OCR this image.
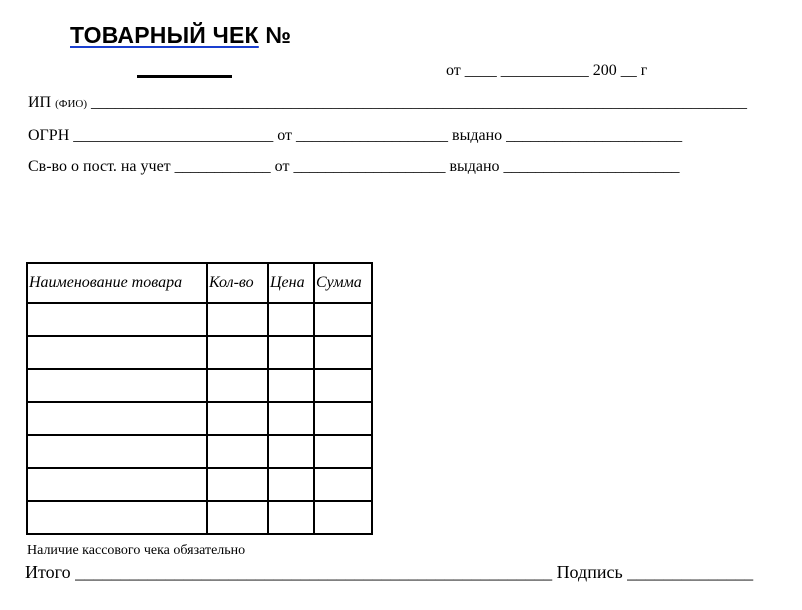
ТОВАРНЫЙ ЧЕК №
от ____ ___________ 200 __ г
ИП (ФИО) __________________________________________________________________________________
ОГРН _________________________ от ___________________ выдано ______________________
Св-во о пост. на учет ____________ от ___________________ выдано ______________________
Наименование товара	Кол-во	Цена	Сумма

Наличие кассового чека обязательно
Итого _____________________________________________________ Подпись ______________
